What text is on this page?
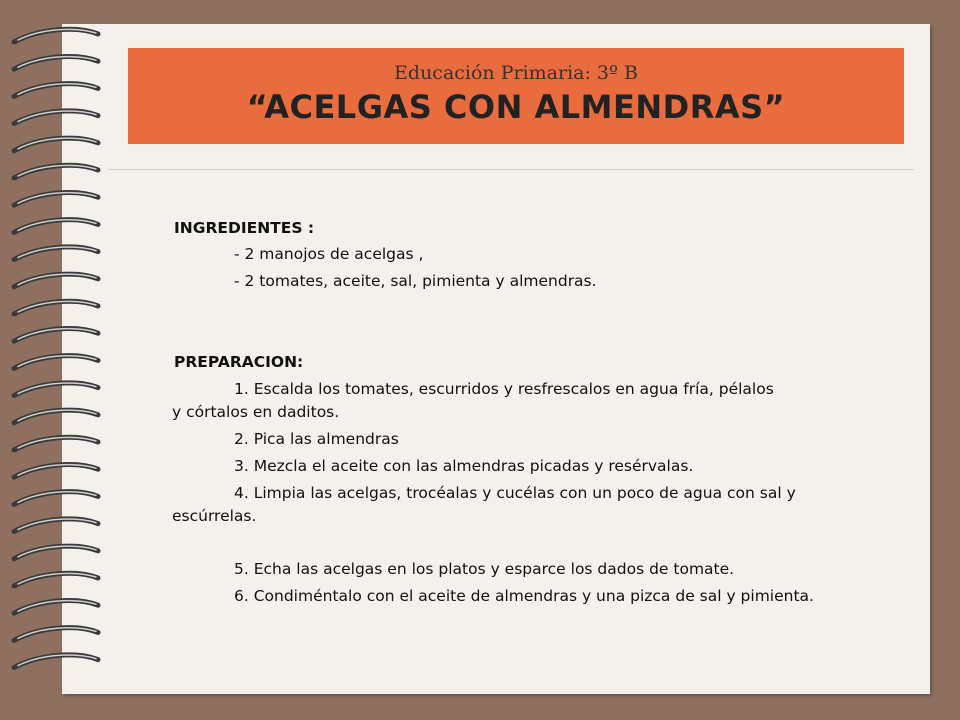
Educación Primaria: 3º B
“ACELGAS CON ALMENDRAS”
INGREDIENTES :
- 2 manojos de acelgas ,
- 2 tomates, aceite, sal, pimienta y almendras.
PREPARACION:
1. Escalda los tomates, escurridos y resfrescalos en agua fría, pélalos
y córtalos en daditos.
2. Pica las almendras
3. Mezcla el aceite con las almendras picadas y resérvalas.
4. Limpia las acelgas, trocéalas y cucélas con un poco de agua con sal y
escúrrelas.
5. Echa las acelgas en los platos y esparce los dados de tomate.
6. Condiméntalo con el aceite de almendras y una pizca de sal y pimienta.
